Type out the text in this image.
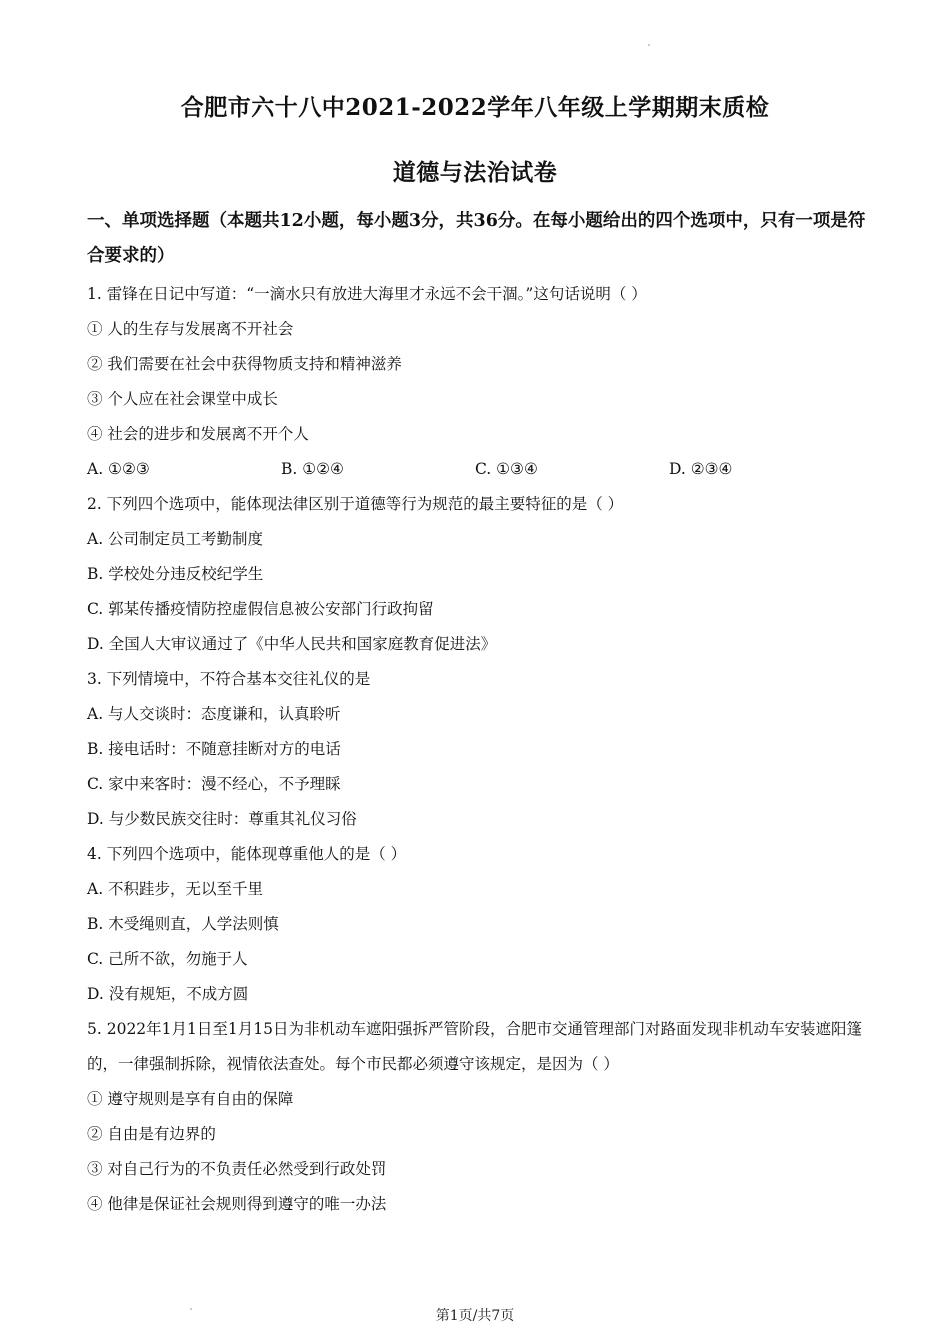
合肥市六十八中2021-2022学年八年级上学期期末质检
道德与法治试卷
一、单项选择题（本题共12小题，每小题3分，共36分。在每小题给出的四个选项中，只有一项是符合要求的）
1. 雷锋在日记中写道：“一滴水只有放进大海里才永远不会干涸。”这句话说明（ ）
① 人的生存与发展离不开社会
② 我们需要在社会中获得物质支持和精神滋养
③ 个人应在社会课堂中成长
④ 社会的进步和发展离不开个人
A. ①②③	B. ①②④	C. ①③④	D. ②③④
2. 下列四个选项中，能体现法律区别于道德等行为规范的最主要特征的是（ ）
A. 公司制定员工考勤制度
B. 学校处分违反校纪学生
C. 郭某传播疫情防控虚假信息被公安部门行政拘留
D. 全国人大审议通过了《中华人民共和国家庭教育促进法》
3. 下列情境中，不符合基本交往礼仪的是
A. 与人交谈时：态度谦和，认真聆听
B. 接电话时：不随意挂断对方的电话
C. 家中来客时：漫不经心，不予理睬
D. 与少数民族交往时：尊重其礼仪习俗
4. 下列四个选项中，能体现尊重他人的是（ ）
A. 不积跬步，无以至千里
B. 木受绳则直，人学法则慎
C. 己所不欲，勿施于人
D. 没有规矩，不成方圆
5. 2022年1月1日至1月15日为非机动车遮阳强拆严管阶段，合肥市交通管理部门对路面发现非机动车安装遮阳篷的，一律强制拆除，视情依法查处。每个市民都必须遵守该规定，是因为（ ）
① 遵守规则是享有自由的保障
② 自由是有边界的
③ 对自己行为的不负责任必然受到行政处罚
④ 他律是保证社会规则得到遵守的唯一办法
第1页/共7页
